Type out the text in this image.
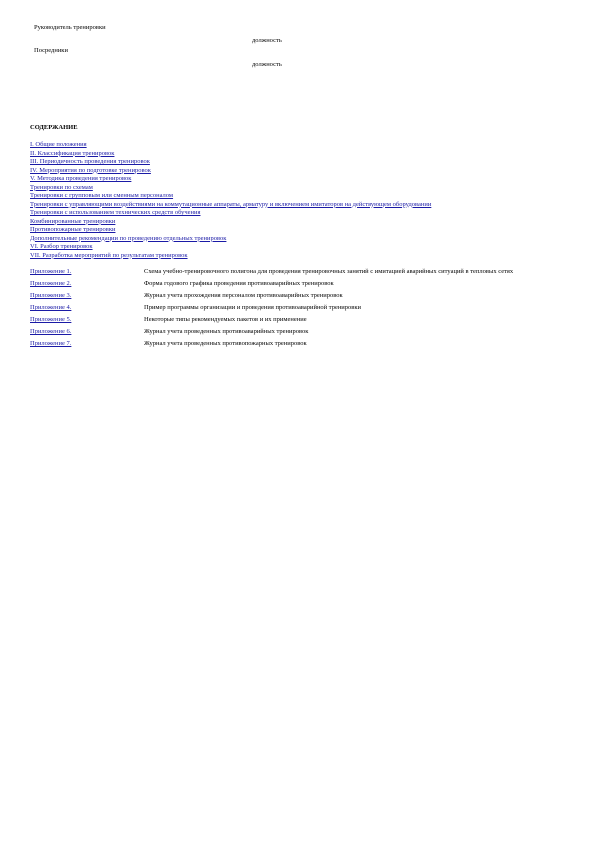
Руководитель тренировки
должность
Посредники
должность
СОДЕРЖАНИЕ
I. Общие положения
II. Классификация тренировок
III. Периодичность проведения тренировок
IV. Мероприятия по подготовке тренировок
V. Методика проведения тренировок
Тренировки по схемам
Тренировки с групповым или сменным персоналом
Тренировки с управляющими воздействиями на коммутационные аппараты, арматуру и включением имитаторов на действующем оборудовании
Тренировки с использованием технических средств обучения
Комбинированные тренировки
Противопожарные тренировки
Дополнительные рекомендации по проведению отдельных тренировок
VI. Разбор тренировок
VII. Разработка мероприятий по результатам тренировок
Приложение 1.	Схема учебно-тренировочного полигона для проведения тренировочных занятий с имитацией аварийных ситуаций в тепловых сетях
Приложение 2.	Форма годового графика проведения противоаварийных тренировок
Приложение 3.	Журнал учета прохождения персоналом противоаварийных тренировок
Приложение 4.	Пример программы организации и проведения противоаварийной тренировки
Приложение 5.	Некоторые типы рекомендуемых пакетов и их применение
Приложение 6.	Журнал учета проведенных противоаварийных тренировок
Приложение 7.	Журнал учета проведенных противопожарных тренировок
